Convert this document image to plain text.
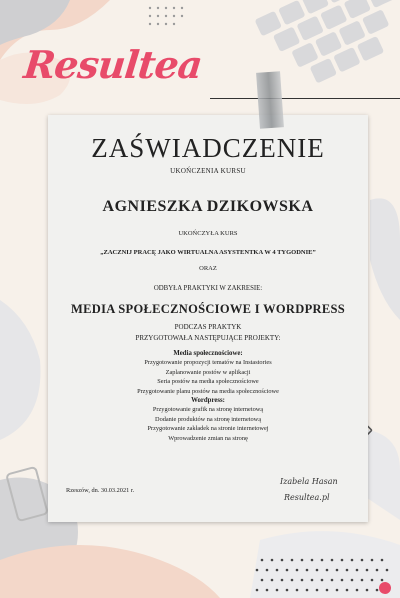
Resultea
ZAŚWIADCZENIE
UKOŃCZENIA KURSU
AGNIESZKA DZIKOWSKA
UKOŃCZYŁA KURS
„ZACZNIJ PRACĘ JAKO WIRTUALNA ASYSTENTKA W 4 TYGODNIE”
ORAZ
ODBYŁA PRAKTYKI W ZAKRESIE:
MEDIA SPOŁECZNOŚCIOWE I WORDPRESS
PODCZAS PRAKTYK
PRZYGOTOWAŁA NASTĘPUJĄCE PROJEKTY:
Media społecznościowe:
Przygotowanie propozycji tematów na Instastories
Zaplanowanie postów w aplikacji
Seria postów na media społecznościowe
Przygotowanie planu postów na media społecznościowe
Wordpress:
Przygotowanie grafik na stronę internetową
Dodanie produktów na stronę internetową
Przygotowanie zakładek na stronie internetowej
Wprowadzenie zmian na stronę
Rzeszów, dn. 30.03.2021 r.
Izabela Hasan
Resultea.pl
